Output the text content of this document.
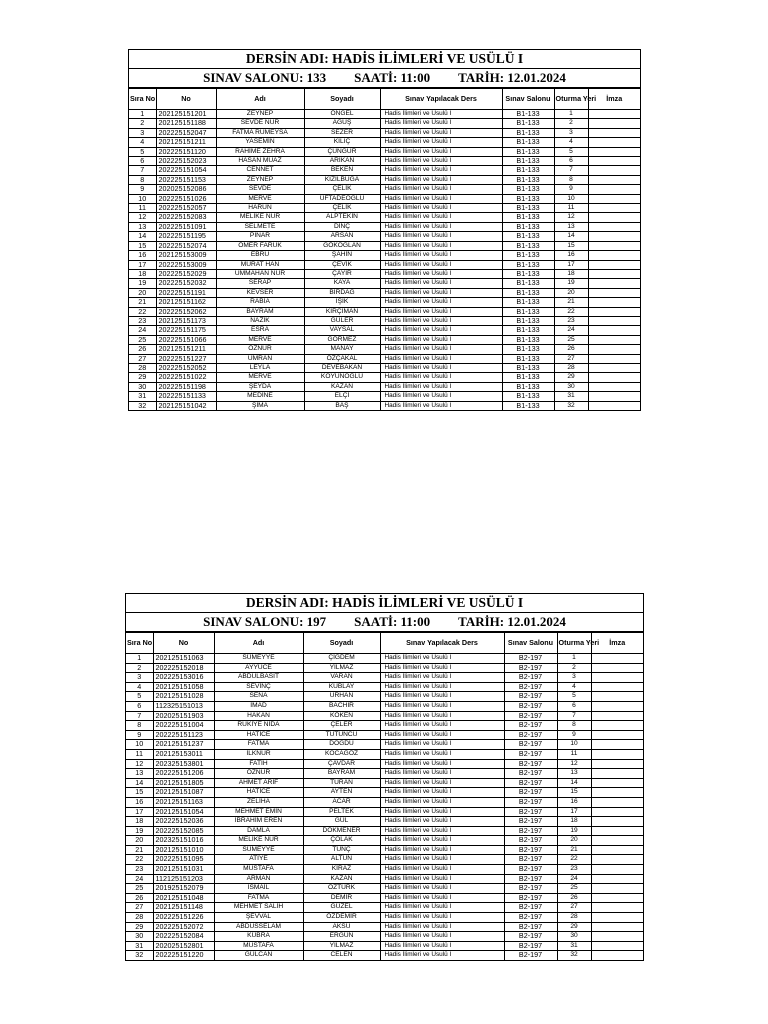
DERSİN ADI: HADİS İLİMLERİ VE USÜLÜ I
SINAV SALONU: 133 SAATİ: 11:00 TARİH: 12.01.2024
Sıra No	No	Adı	Soyadı	Sınav Yapılacak Ders	Sınav Salonu	Oturma Yeri	İmza
1	202125151201	ZEYNEP	ÖNGEL	Hadis İlimleri ve Usulü I	B1-133	1	
2	202125151188	SEVDE NUR	AĞUŞ	Hadis İlimleri ve Usulü I	B1-133	2	
3	202225152047	FATMA RUMEYSA	SEZER	Hadis İlimleri ve Usulü I	B1-133	3	
4	202125151211	YASEMİN	KILIÇ	Hadis İlimleri ve Usulü I	B1-133	4	
5	202225151120	RAHİME ZEHRA	ÇUNGUR	Hadis İlimleri ve Usulü I	B1-133	5	
6	202225152023	HASAN MUAZ	ARIKAN	Hadis İlimleri ve Usulü I	B1-133	6	
7	202225151054	CENNET	BEKEN	Hadis İlimleri ve Usulü I	B1-133	7	
8	202225151153	ZEYNEP	KIZILBUĞA	Hadis İlimleri ve Usulü I	B1-133	8	
9	202025152086	SEVDE	ÇELİK	Hadis İlimleri ve Usulü I	B1-133	9	
10	202225151026	MERVE	ÜFTADEOĞLU	Hadis İlimleri ve Usulü I	B1-133	10	
11	202225152057	HARUN	ÇELİK	Hadis İlimleri ve Usulü I	B1-133	11	
12	202225152083	MELİKE NUR	ALPTEKİN	Hadis İlimleri ve Usulü I	B1-133	12	
13	202225151091	SELMETE	DİNÇ	Hadis İlimleri ve Usulü I	B1-133	13	
14	202225151195	PINAR	ARSAN	Hadis İlimleri ve Usulü I	B1-133	14	
15	202225152074	ÖMER FARUK	GÖKOĞLAN	Hadis İlimleri ve Usulü I	B1-133	15	
16	202125153009	EBRU	ŞAHİN	Hadis İlimleri ve Usulü I	B1-133	16	
17	202225153009	MURAT HAN	ÇEVİK	Hadis İlimleri ve Usulü I	B1-133	17	
18	202225152029	UMMAHAN NUR	ÇAYIR	Hadis İlimleri ve Usulü I	B1-133	18	
19	202225152032	SERAP	KAYA	Hadis İlimleri ve Usulü I	B1-133	19	
20	202225151191	KEVSER	BİRDAĞ	Hadis İlimleri ve Usulü I	B1-133	20	
21	202125151162	RABİA	IŞIK	Hadis İlimleri ve Usulü I	B1-133	21	
22	202225152062	BAYRAM	KIRÇIMAN	Hadis İlimleri ve Usulü I	B1-133	22	
23	202125151173	NAZIK	GÜLER	Hadis İlimleri ve Usulü I	B1-133	23	
24	202225151175	ESRA	VAYSAL	Hadis İlimleri ve Usulü I	B1-133	24	
25	202225151066	MERVE	GÖRMEZ	Hadis İlimleri ve Usulü I	B1-133	25	
26	202125151211	ÖZNUR	MANAY	Hadis İlimleri ve Usulü I	B1-133	26	
27	202225151227	UMRAN	ÖZÇAKAL	Hadis İlimleri ve Usulü I	B1-133	27	
28	202225152052	LEYLA	DEVEBAKAN	Hadis İlimleri ve Usulü I	B1-133	28	
29	202225151022	MERVE	KOYUNOĞLU	Hadis İlimleri ve Usulü I	B1-133	29	
30	202225151198	ŞEYDA	KAZAN	Hadis İlimleri ve Usulü I	B1-133	30	
31	202225151133	MEDİNE	ELÇİ	Hadis İlimleri ve Usulü I	B1-133	31	
32	202125151042	ŞİMA	BAŞ	Hadis İlimleri ve Usulü I	B1-133	32	
DERSİN ADI: HADİS İLİMLERİ VE USÜLÜ I
SINAV SALONU: 197 SAATİ: 11:00 TARİH: 12.01.2024
Sıra No	No	Adı	Soyadı	Sınav Yapılacak Ders	Sınav Salonu	Oturma Yeri	İmza
1	202125151063	SÜMEYYE	ÇİĞDEM	Hadis İlimleri ve Usulü I	B2-197	1	
2	202225152018	AYYÜCE	YILMAZ	Hadis İlimleri ve Usulü I	B2-197	2	
3	202225153016	ABDULBASIT	VARAN	Hadis İlimleri ve Usulü I	B2-197	3	
4	202125151058	SEVİNÇ	KUBLAY	Hadis İlimleri ve Usulü I	B2-197	4	
5	202125151028	SENA	URHAN	Hadis İlimleri ve Usulü I	B2-197	5	
6	112325151013	İMAD	BACHIR	Hadis İlimleri ve Usulü I	B2-197	6	
7	202025151903	HAKAN	KÖKEN	Hadis İlimleri ve Usulü I	B2-197	7	
8	202225151004	RUKİYE NİDA	ÇELER	Hadis İlimleri ve Usulü I	B2-197	8	
9	202225151123	HATİCE	TUTUNCU	Hadis İlimleri ve Usulü I	B2-197	9	
10	202125151237	FATMA	DOĞDU	Hadis İlimleri ve Usulü I	B2-197	10	
11	202125153011	İLKNUR	KOCAGÖZ	Hadis İlimleri ve Usulü I	B2-197	11	
12	202325153801	FATİH	ÇAVDAR	Hadis İlimleri ve Usulü I	B2-197	12	
13	202225151206	ÖZNUR	BAYRAM	Hadis İlimleri ve Usulü I	B2-197	13	
14	202125151805	AHMET ARİF	TURAN	Hadis İlimleri ve Usulü I	B2-197	14	
15	202125151087	HATİCE	AYTEN	Hadis İlimleri ve Usulü I	B2-197	15	
16	202125151163	ZELİHA	ACAR	Hadis İlimleri ve Usulü I	B2-197	16	
17	202125151054	MEHMET EMİN	PELTEK	Hadis İlimleri ve Usulü I	B2-197	17	
18	202225152036	İBRAHİM EREN	GÜL	Hadis İlimleri ve Usulü I	B2-197	18	
19	202225152085	DAMLA	DÖKMENER	Hadis İlimleri ve Usulü I	B2-197	19	
20	202325151016	MELİKE NUR	ÇOLAK	Hadis İlimleri ve Usulü I	B2-197	20	
21	202125151010	SÜMEYYE	TUNÇ	Hadis İlimleri ve Usulü I	B2-197	21	
22	202225151095	ATİYE	ALTUN	Hadis İlimleri ve Usulü I	B2-197	22	
23	202125151031	MUSTAFA	KİRAZ	Hadis İlimleri ve Usulü I	B2-197	23	
24	112125151203	ARMAN	KAZAN	Hadis İlimleri ve Usulü I	B2-197	24	
25	201925152079	İSMAİL	ÖZTÜRK	Hadis İlimleri ve Usulü I	B2-197	25	
26	202125151048	FATMA	DEMİR	Hadis İlimleri ve Usulü I	B2-197	26	
27	202125151148	MEHMET SALİH	GÜZEL	Hadis İlimleri ve Usulü I	B2-197	27	
28	202225151226	ŞEVVAL	ÖZDEMİR	Hadis İlimleri ve Usulü I	B2-197	28	
29	202225152072	ABDUSSELAM	AKSU	Hadis İlimleri ve Usulü I	B2-197	29	
30	202225152084	KÜBRA	ERGÜN	Hadis İlimleri ve Usulü I	B2-197	30	
31	202025152801	MUSTAFA	YILMAZ	Hadis İlimleri ve Usulü I	B2-197	31	
32	202225151220	GÜLCAN	CELEN	Hadis İlimleri ve Usulü I	B2-197	32	
